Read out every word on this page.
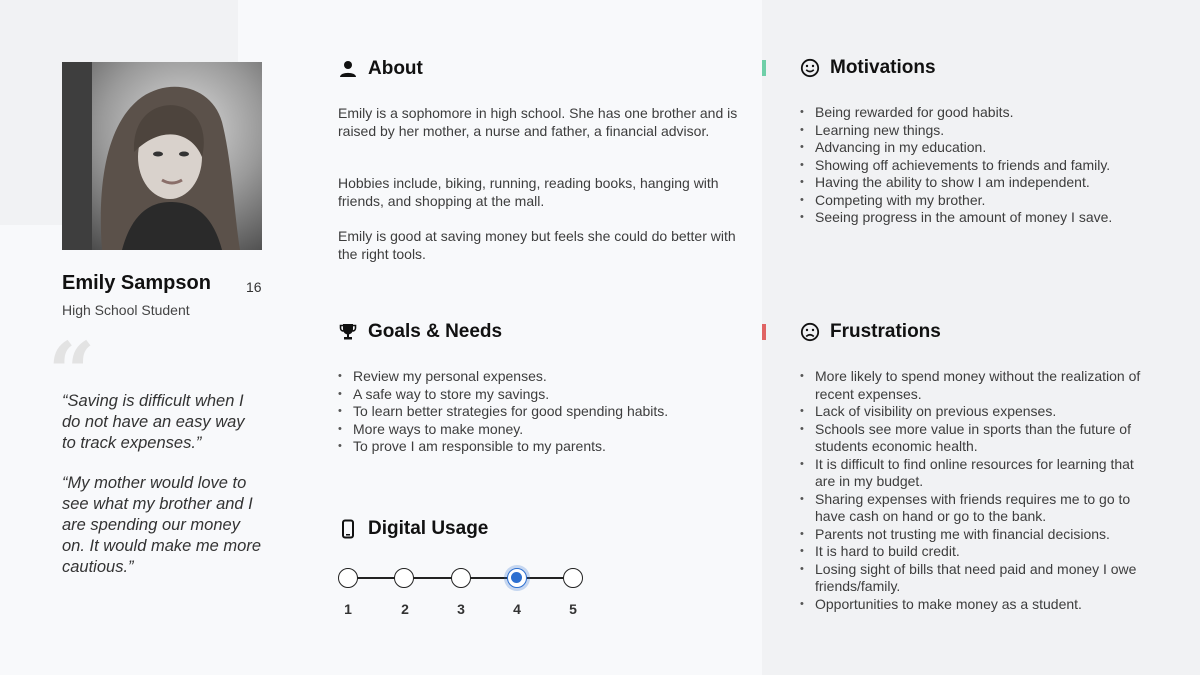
Emily Sampson	16
High School Student
“
“Saving is difficult when I do not have an easy way to track expenses.”
“My mother would love to see what my brother and I are spending our money on. It would make me more cautious.”
About
Emily is a sophomore in high school. She has one brother and is raised by her mother, a nurse and father, a financial advisor.
Hobbies include, biking, running, reading books, hanging with friends, and shopping at the mall.
Emily is good at saving money but feels she could do better with the right tools.
Goals & Needs
• Review my personal expenses.
• A safe way to store my savings.
• To learn better strategies for good spending habits.
• More ways to make money.
• To prove I am responsible to my parents.
Digital Usage
1	2	3	4	5
Motivations
• Being rewarded for good habits.
• Learning new things.
• Advancing in my education.
• Showing off achievements to friends and family.
• Having the ability to show I am independent.
• Competing with my brother.
• Seeing progress in the amount of money I save.
Frustrations
• More likely to spend money without the realization of recent expenses.
• Lack of visibility on previous expenses.
• Schools see more value in sports than the future of students economic health.
• It is difficult to find online resources for learning that are in my budget.
• Sharing expenses with friends requires me to go to have cash on hand or go to the bank.
• Parents not trusting me with financial decisions.
• It is hard to build credit.
• Losing sight of bills that need paid and money I owe friends/family.
• Opportunities to make money as a student.
